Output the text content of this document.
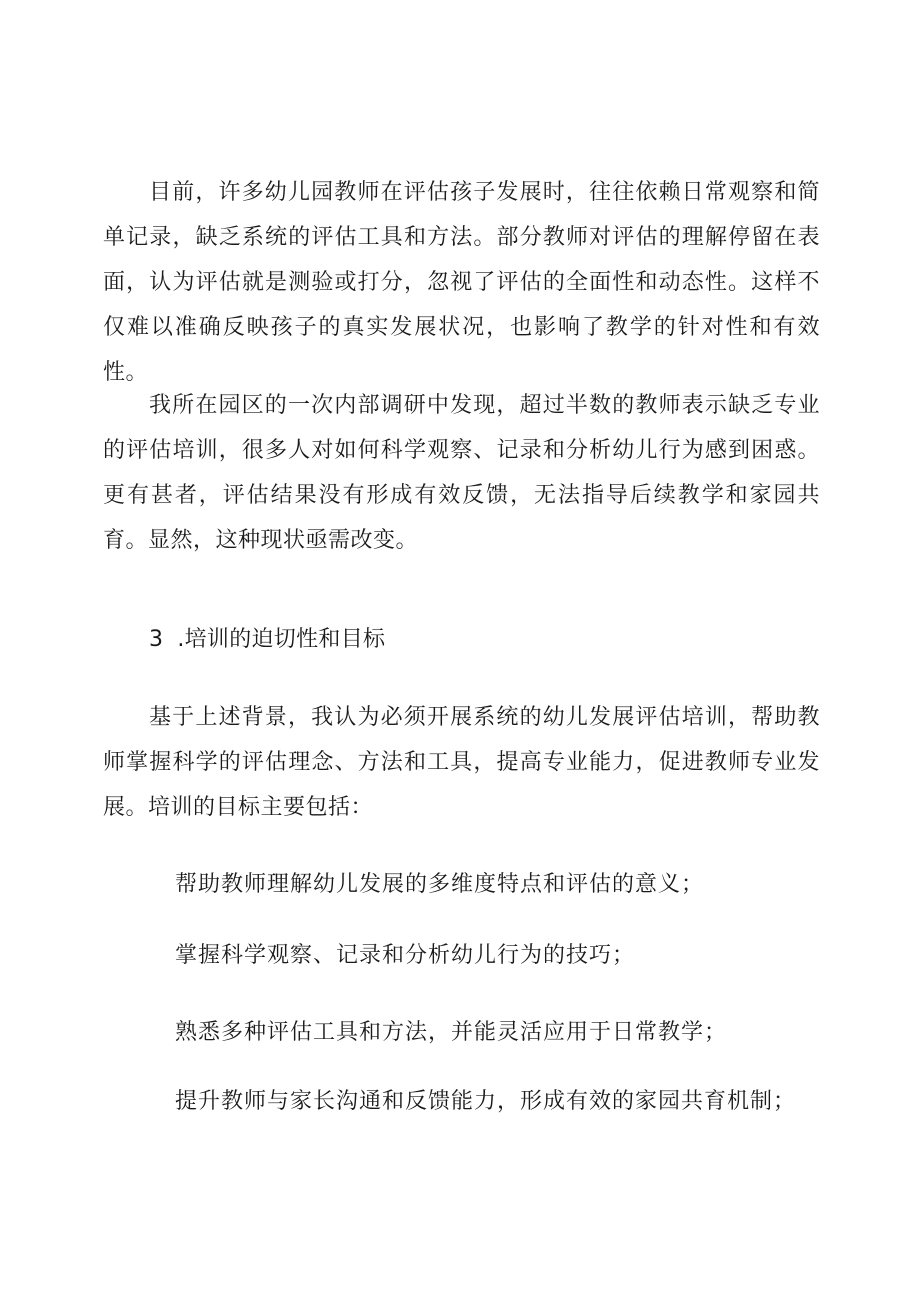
目前，许多幼儿园教师在评估孩子发展时，往往依赖日常观察和简单记录，缺乏系统的评估工具和方法。部分教师对评估的理解停留在表面，认为评估就是测验或打分，忽视了评估的全面性和动态性。这样不仅难以准确反映孩子的真实发展状况，也影响了教学的针对性和有效性。

我所在园区的一次内部调研中发现，超过半数的教师表示缺乏专业的评估培训，很多人对如何科学观察、记录和分析幼儿行为感到困惑。更有甚者，评估结果没有形成有效反馈，无法指导后续教学和家园共育。显然，这种现状亟需改变。

3 .培训的迫切性和目标

基于上述背景，我认为必须开展系统的幼儿发展评估培训，帮助教师掌握科学的评估理念、方法和工具，提高专业能力，促进教师专业发展。培训的目标主要包括：

帮助教师理解幼儿发展的多维度特点和评估的意义；

掌握科学观察、记录和分析幼儿行为的技巧；

熟悉多种评估工具和方法，并能灵活应用于日常教学；

提升教师与家长沟通和反馈能力，形成有效的家园共育机制；
